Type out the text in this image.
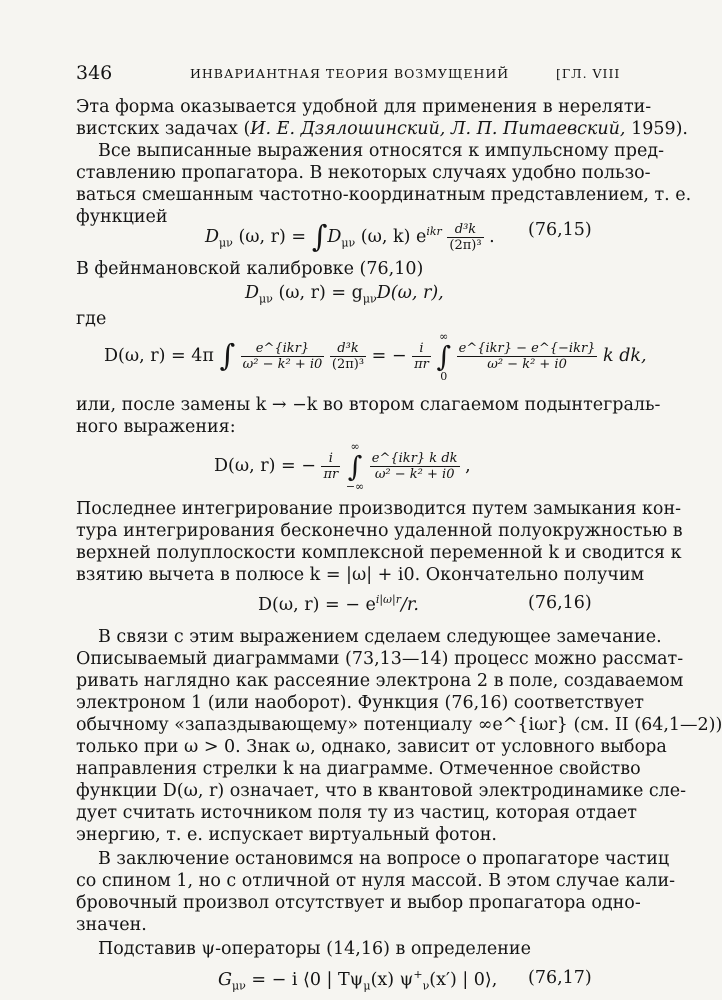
346	ИНВАРИАНТНАЯ ТЕОРИЯ ВОЗМУЩЕНИЙ	[ГЛ. VIII
Эта форма оказывается удобной для применения в нереляти-
вистских задачах (И. Е. Дзялошинский, Л. П. Питаевский, 1959).
Все выписанные выражения относятся к импульсному пред-
ставлению пропагатора. В некоторых случаях удобно пользо-
ваться смешанным частотно-координатным представлением, т. е.
функцией
$D_{\mu\nu}$ (ω, $r) = \int D_{\mu\nu}$ (ω, k) $e^{ikr} \frac{\text{d³k}}{\text{(2π)³}}$ . (76,15)
В фейнмановской калибровке (76,10)
$D_{\mu\nu}$ (ω, $r) = g_{\mu\nu}D(\omega$, r),
где
D(ω, r) = 4π ∫ $\frac{\text{e\textasciicircum{}\{ikr\}}}{\text{ω² − k² + i0}}$
$\frac{\text{d³k}}{\text{(2π)³}}$ = − $\frac{i}{\pi r}$
∞
∫
0
$\frac{\text{e\textasciicircum{}\{ikr\} − e\textasciicircum{}\{−ikr\}}}{\text{ω² − k² + i0}}$ k dk,
или, после замены k → −k во втором слагаемом подынтеграль-
ного выражения:
D(ω, r) = − $\frac{i}{\pi r}$
∞
∫
−∞
$\frac{\text{e\textasciicircum{}\{ikr\} k dk}}{\text{ω² − k² + i0}}$ ,
Последнее интегрирование производится путем замыкания кон-
тура интегрирования бесконечно удаленной полуокружностью в
верхней полуплоскости комплексной переменной k и сводится к
взятию вычета в полюсе k = |ω| + i0. Окончательно получим
D(ω, r) = − $e^{i|\omega|r}/r$.	(76,16)
В связи с этим выражением сделаем следующее замечание.
Описываемый диаграммами (73,13—14) процесс можно рассмат-
ривать наглядно как рассеяние электрона 2 в поле, создаваемом
электроном 1 (или наоборот). Функция (76,16) соответствует
обычному «запаздывающему» потенциалу ∞e^{iωr} (см. II (64,1—2))
только при ω > 0. Знак ω, однако, зависит от условного выбора
направления стрелки k на диаграмме. Отмеченное свойство
функции D(ω, r) означает, что в квантовой электродинамике сле-
дует считать источником поля ту из частиц, которая отдает
энергию, т. е. испускает виртуальный фотон.
В заключение остановимся на вопросе о пропагаторе частиц
со спином 1, но с отличной от нуля массой. В этом случае кали-
бровочный произвол отсутствует и выбор пропагатора одно-
значен.
Подставив ψ-операторы (14,16) в определение
$G_{\mu\nu}$ = − i ⟨0 | $T\psi_\mu(x)$ $\psi^+_\nu(x')$ | 0⟩, (76,17)
